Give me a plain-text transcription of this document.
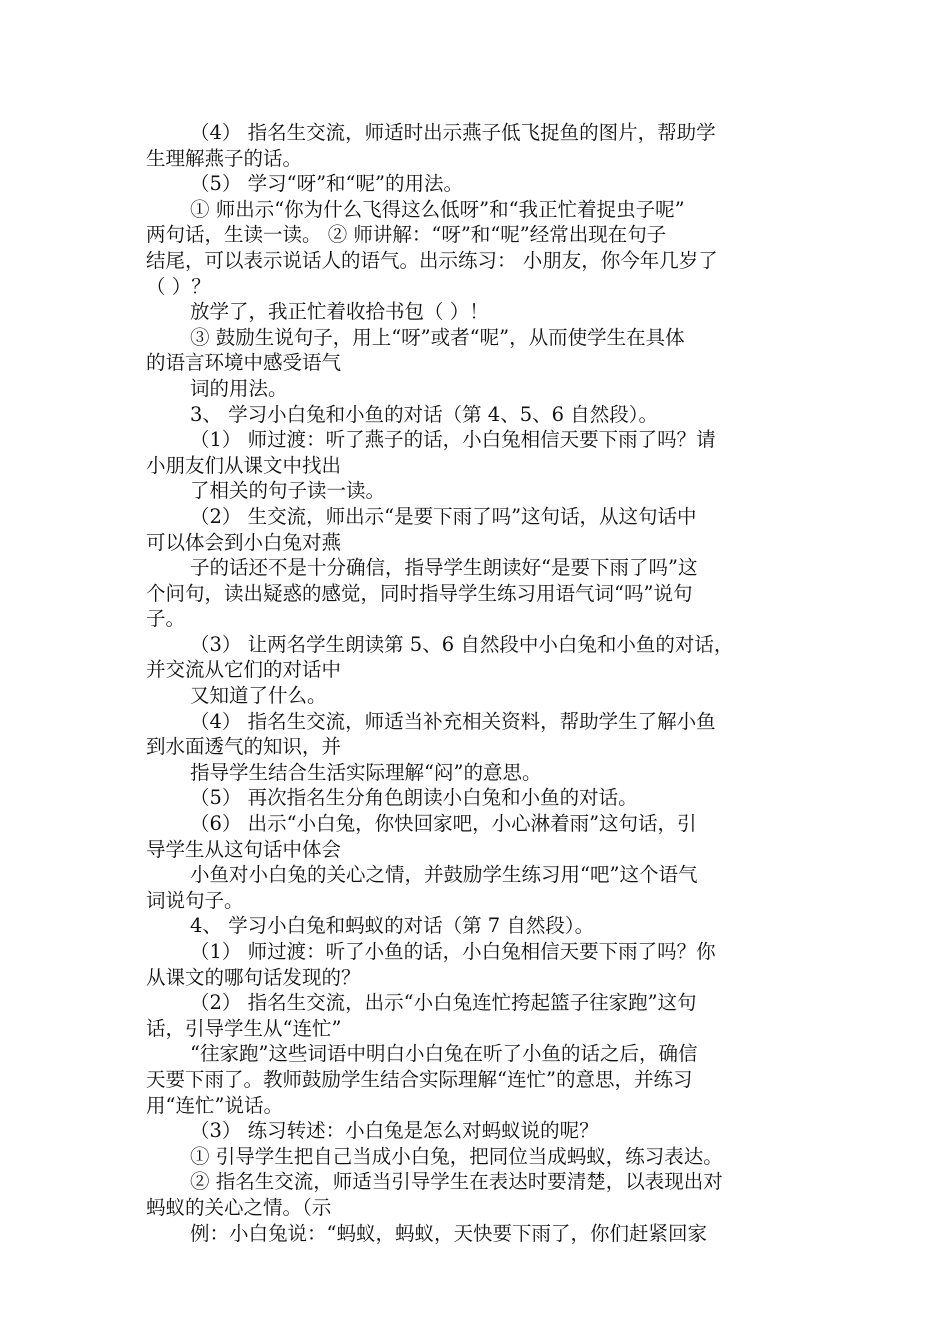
（4） 指名生交流，师适时出示燕子低飞捉鱼的图片，帮助学
生理解燕子的话。
（5） 学习“呀”和“呢”的用法。
① 师出示“你为什么飞得这么低呀”和“我正忙着捉虫子呢”
两句话，生读一读。 ② 师讲解：“呀”和“呢”经常出现在句子
结尾，可以表示说话人的语气。出示练习： 小朋友，你今年几岁了
（ ）？
放学了，我正忙着收拾书包（ ）！
③ 鼓励生说句子，用上“呀”或者“呢”，从而使学生在具体
的语言环境中感受语气
词的用法。
3、 学习小白兔和小鱼的对话（第 4、5、6 自然段）。
（1） 师过渡：听了燕子的话，小白兔相信天要下雨了吗？请
小朋友们从课文中找出
了相关的句子读一读。
（2） 生交流，师出示“是要下雨了吗”这句话，从这句话中
可以体会到小白兔对燕
子的话还不是十分确信，指导学生朗读好“是要下雨了吗”这
个问句，读出疑惑的感觉，同时指导学生练习用语气词“吗”说句
子。
（3） 让两名学生朗读第 5、6 自然段中小白兔和小鱼的对话，
并交流从它们的对话中
又知道了什么。
（4） 指名生交流，师适当补充相关资料，帮助学生了解小鱼
到水面透气的知识，并
指导学生结合生活实际理解“闷”的意思。
（5） 再次指名生分角色朗读小白兔和小鱼的对话。
（6） 出示“小白兔，你快回家吧，小心淋着雨”这句话，引
导学生从这句话中体会
小鱼对小白兔的关心之情，并鼓励学生练习用“吧”这个语气
词说句子。
4、 学习小白兔和蚂蚁的对话（第 7 自然段）。
（1） 师过渡：听了小鱼的话，小白兔相信天要下雨了吗？你
从课文的哪句话发现的？
（2） 指名生交流，出示“小白兔连忙挎起篮子往家跑”这句
话，引导学生从“连忙”
“往家跑”这些词语中明白小白兔在听了小鱼的话之后，确信
天要下雨了。教师鼓励学生结合实际理解“连忙”的意思，并练习
用“连忙”说话。
（3） 练习转述：小白兔是怎么对蚂蚁说的呢？
① 引导学生把自己当成小白兔，把同位当成蚂蚁，练习表达。
② 指名生交流，师适当引导学生在表达时要清楚，以表现出对
蚂蚁的关心之情。（示
例：小白兔说：“蚂蚁，蚂蚁，天快要下雨了，你们赶紧回家
